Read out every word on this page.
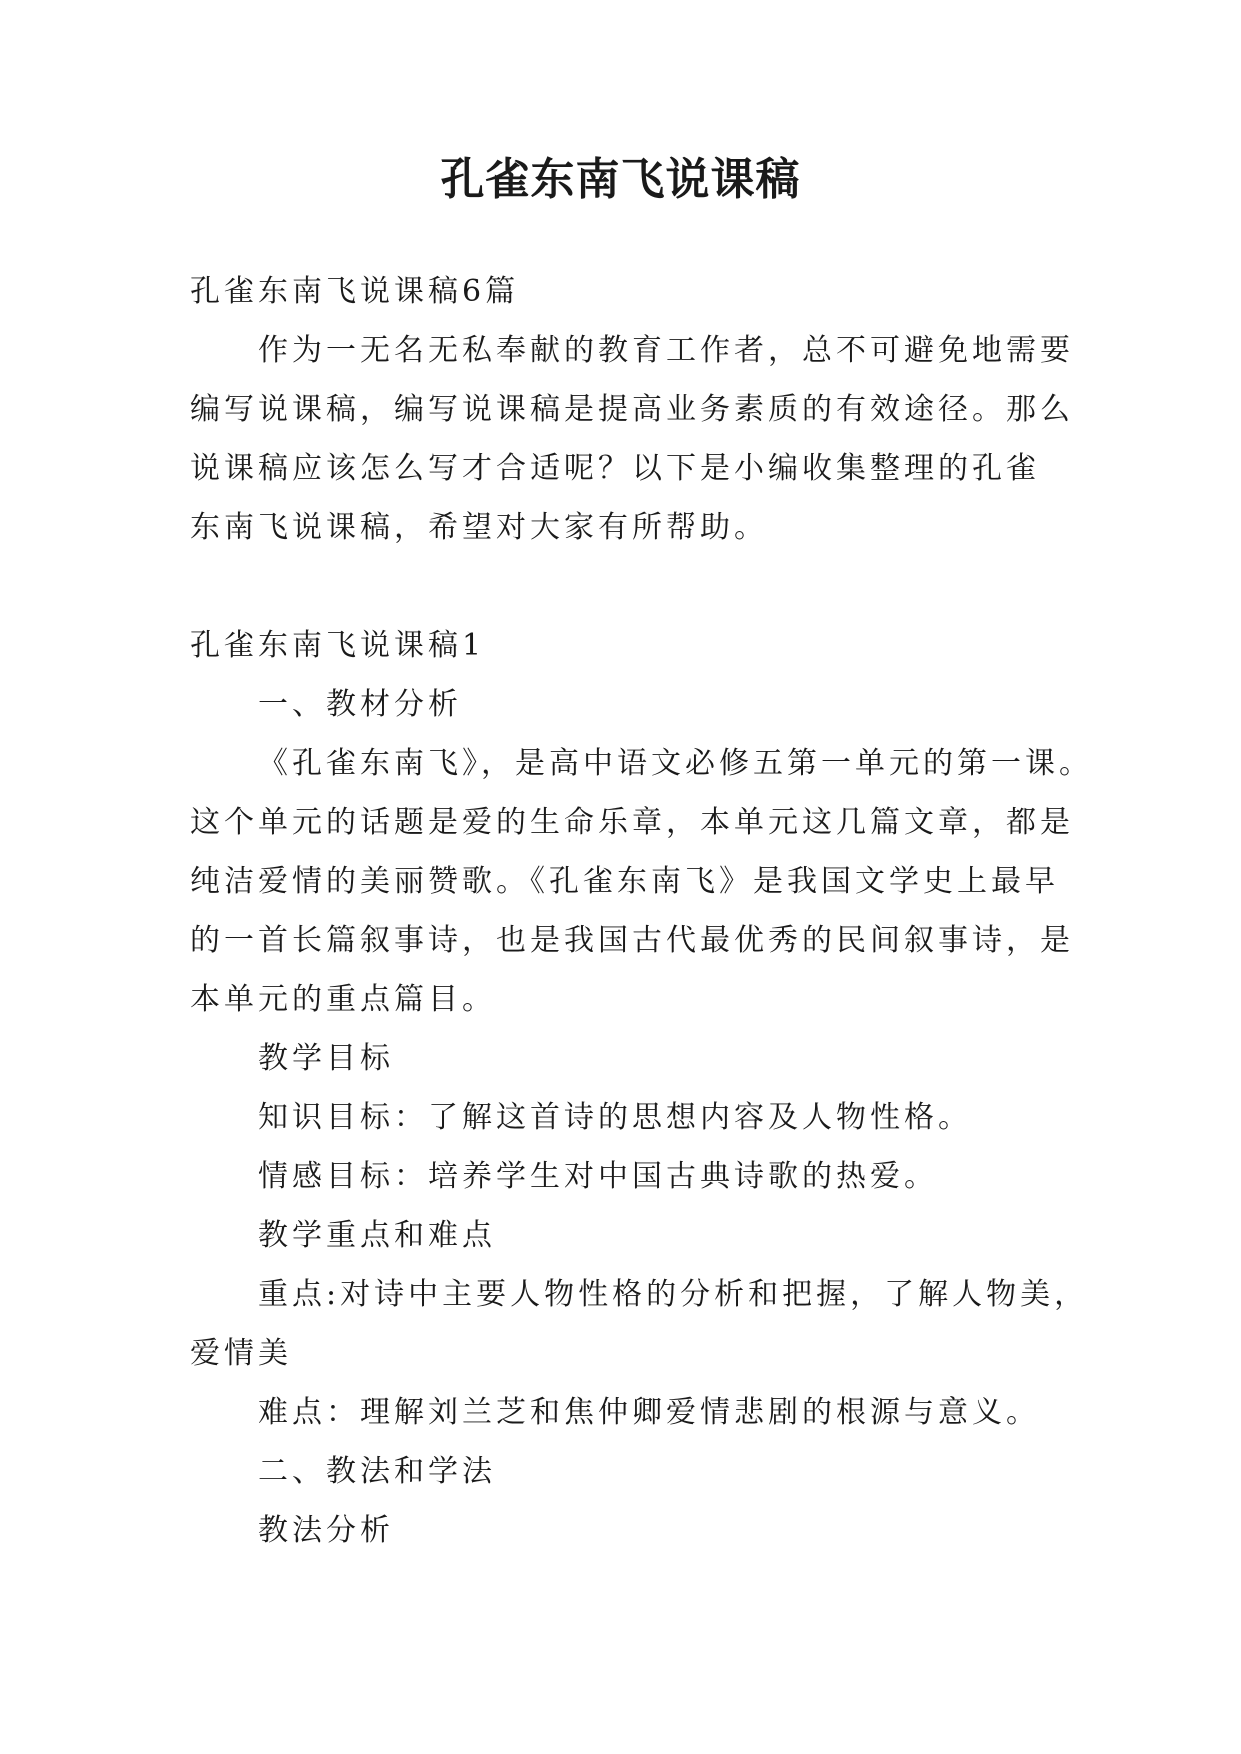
孔雀东南飞说课稿
孔雀东南飞说课稿6篇
作为一无名无私奉献的教育工作者，总不可避免地需要
编写说课稿，编写说课稿是提高业务素质的有效途径。那么
说课稿应该怎么写才合适呢？以下是小编收集整理的孔雀
东南飞说课稿，希望对大家有所帮助。
孔雀东南飞说课稿1
一、教材分析
《孔雀东南飞》，是高中语文必修五第一单元的第一课。
这个单元的话题是爱的生命乐章，本单元这几篇文章，都是
纯洁爱情的美丽赞歌。《孔雀东南飞》是我国文学史上最早
的一首长篇叙事诗，也是我国古代最优秀的民间叙事诗，是
本单元的重点篇目。
教学目标
知识目标：了解这首诗的思想内容及人物性格。
情感目标：培养学生对中国古典诗歌的热爱。
教学重点和难点
重点:对诗中主要人物性格的分析和把握，了解人物美，
爱情美
难点：理解刘兰芝和焦仲卿爱情悲剧的根源与意义。
二、教法和学法
教法分析
